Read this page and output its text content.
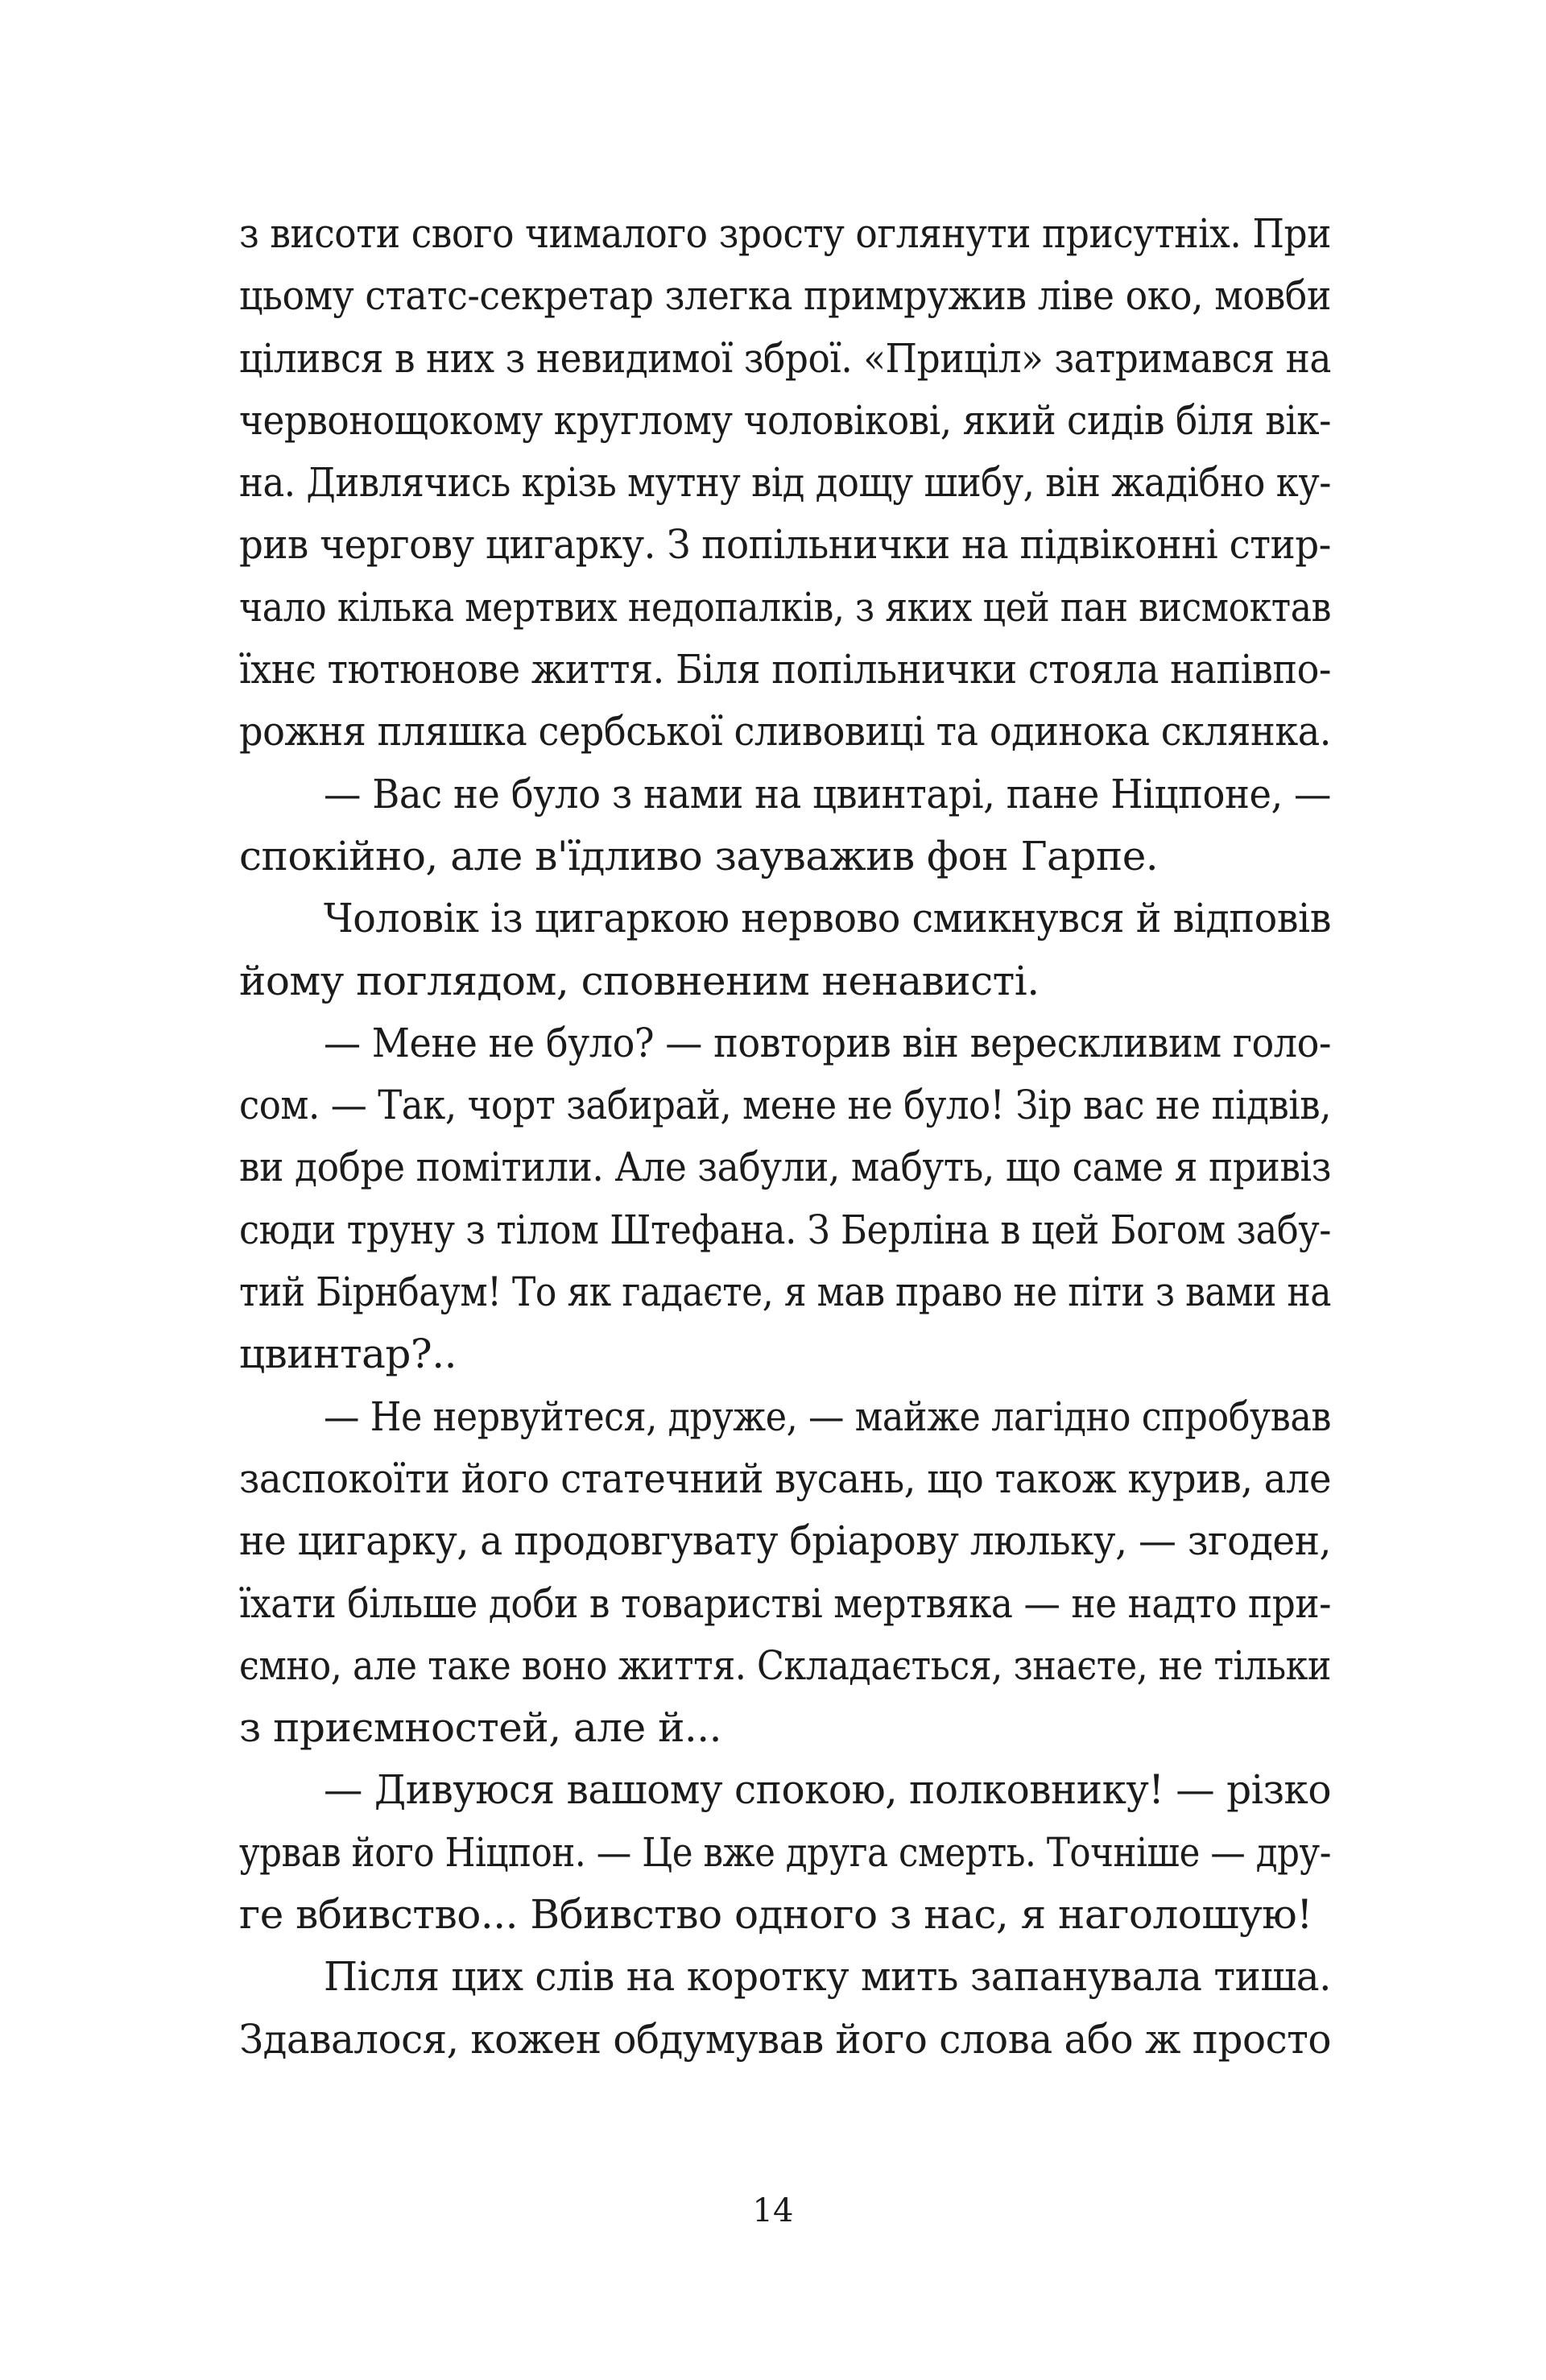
з висоти свого чималого зросту оглянути присутніх. При
цьому статс-секретар злегка примружив ліве око, мовби
цілився в них з невидимої зброї. «Приціл» затримався на
червонощокому круглому чоловікові, який сидів біля вік-
на. Дивлячись крізь мутну від дощу шибу, він жадібно ку-
рив чергову цигарку. З попільнички на підвіконні стир-
чало кілька мертвих недопалків, з яких цей пан висмоктав
їхнє тютюнове життя. Біля попільнички стояла напівпо-
рожня пляшка сербської сливовиці та одинока склянка.
— Вас не було з нами на цвинтарі, пане Ніцпоне, —
спокійно, але в'їдливо зауважив фон Гарпе.
Чоловік із цигаркою нервово смикнувся й відповів
йому поглядом, сповненим ненависті.
— Мене не було? — повторив він верескливим голо-
сом. — Так, чорт забирай, мене не було! Зір вас не підвів,
ви добре помітили. Але забули, мабуть, що саме я привіз
сюди труну з тілом Штефана. З Берліна в цей Богом забу-
тий Бірнбаум! То як гадаєте, я мав право не піти з вами на
цвинтар?..
— Не нервуйтеся, друже, — майже лагідно спробував
заспокоїти його статечний вусань, що також курив, але
не цигарку, а продовгувату бріарову люльку, — згоден,
їхати більше доби в товаристві мертвяка — не надто при-
ємно, але таке воно життя. Складається, знаєте, не тільки
з приємностей, але й...
— Дивуюся вашому спокою, полковнику! — різко
урвав його Ніцпон. — Це вже друга смерть. Точніше — дру-
ге вбивство... Вбивство одного з нас, я наголошую!
Після цих слів на коротку мить запанувала тиша.
Здавалося, кожен обдумував його слова або ж просто
14
